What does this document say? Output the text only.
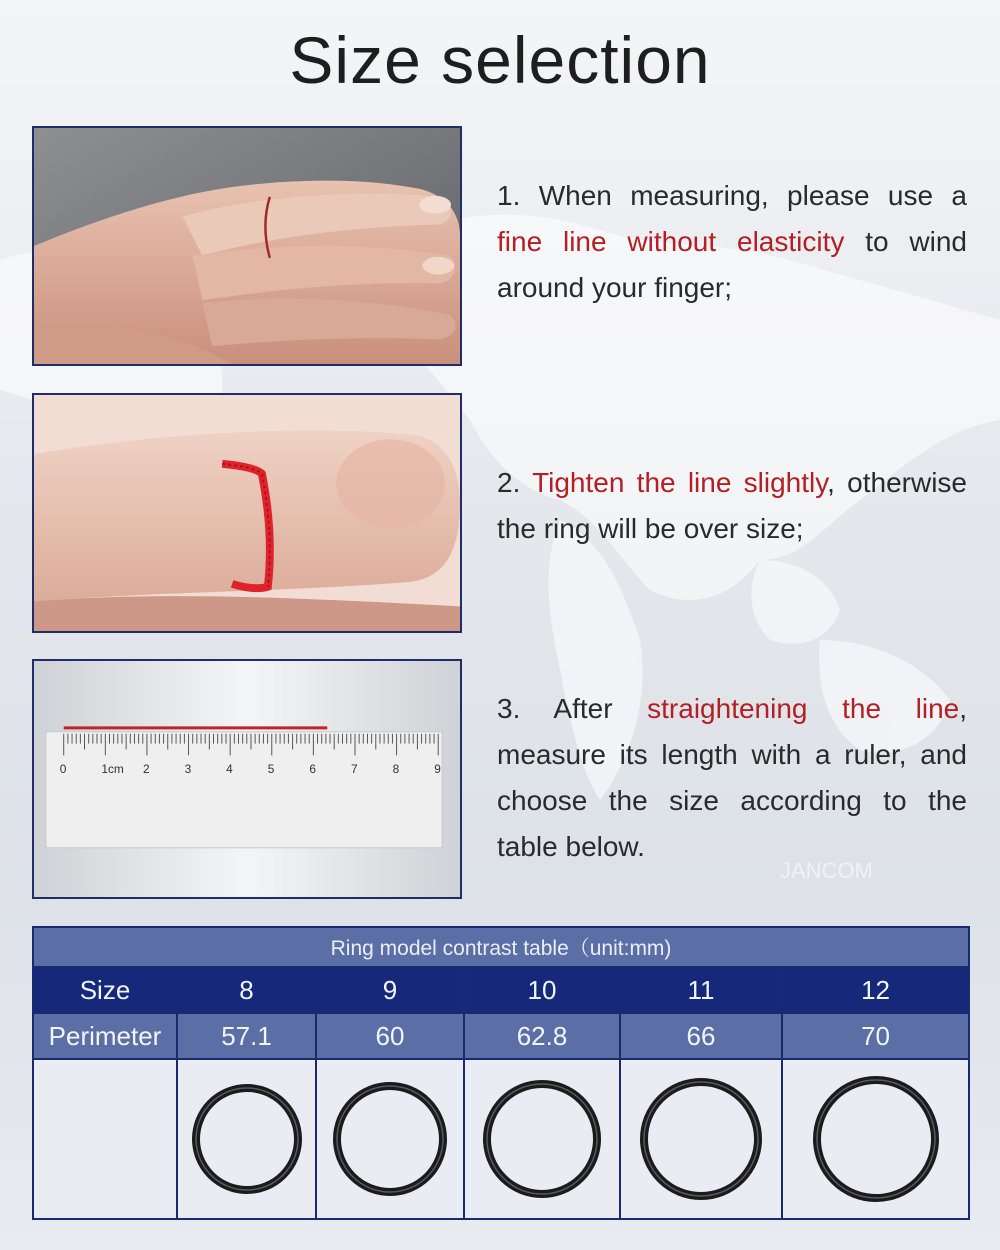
Size selection
0	1cm 2	3	4	5	6	7	8	9
1. When measuring, please use a fine line without elasticity to wind around your finger;
2. Tighten the line slightly, otherwise the ring will be over size;
3. After straightening the line, measure its length with a ruler, and choose the size according to the table below.
JANCOM
Ring model contrast table（unit:mm)					
Size	8	9	10	11	12
Perimeter	57.1	60	62.8	66	70
